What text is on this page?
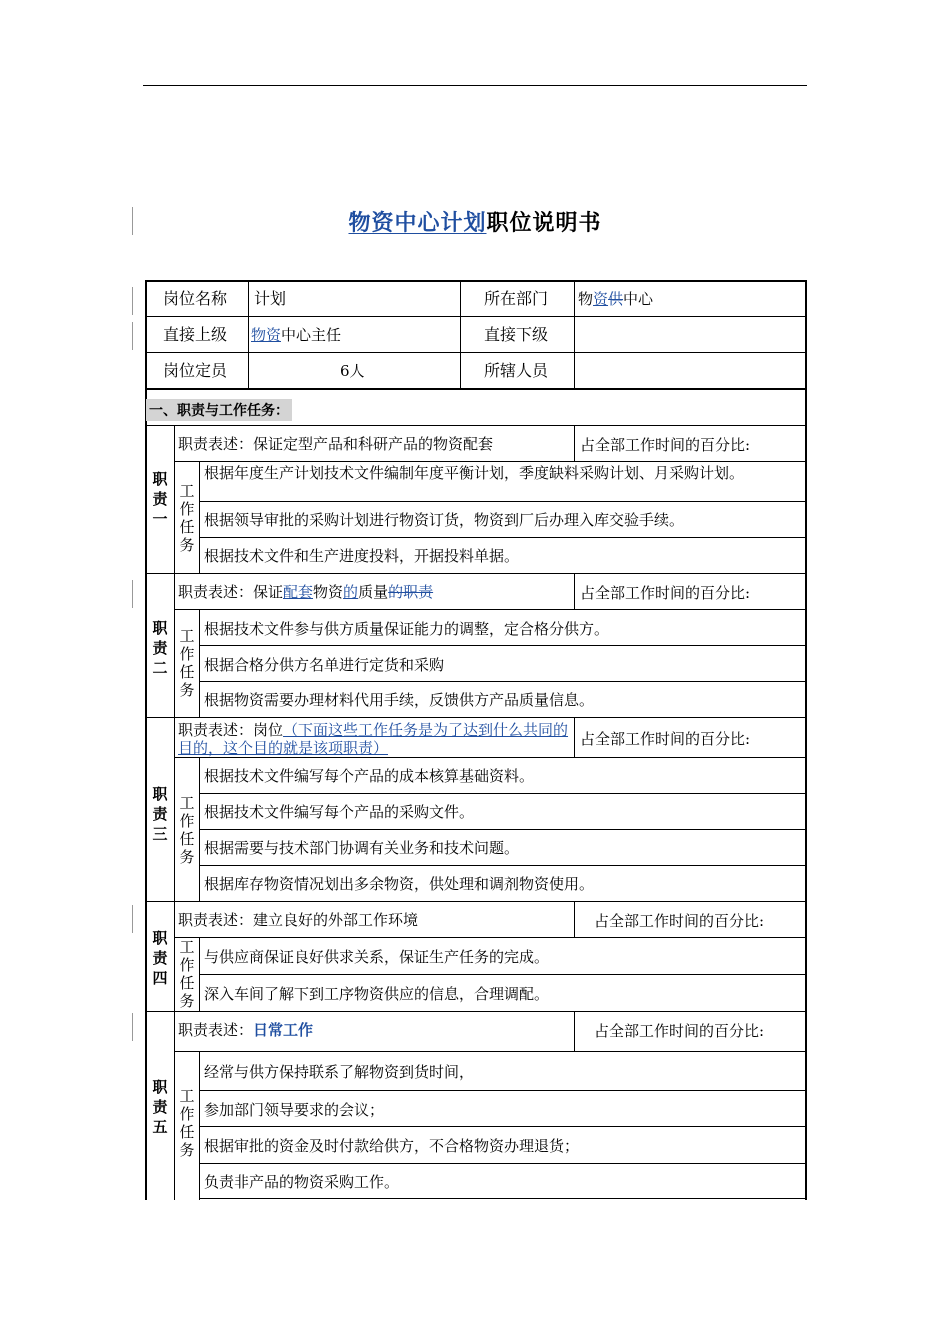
物资中心计划职位说明书
岗位名称 计划	所在部门 物资供中心
直接上级 物资中心主任	直接下级
岗位定员	6人	所辖人员
一、职责与工作任务：
职责一
职责表述：保证定型产品和科研产品的物资配套	占全部工作时间的百分比:
工作任务
根据年度生产计划技术文件编制年度平衡计划，季度缺料采购计划、月采购计划。
根据领导审批的采购计划进行物资订货，物资到厂后办理入库交验手续。
根据技术文件和生产进度投料，开据投料单据。
职责二
职责表述：保证配套物资的质量的职责	占全部工作时间的百分比:
工作任务
根据技术文件参与供方质量保证能力的调整，定合格分供方。
根据合格分供方名单进行定货和采购
根据物资需要办理材料代用手续，反馈供方产品质量信息。
职责三
职责表述：岗位（下面这些工作任务是为了达到什么共同的目的，这个目的就是该项职责）	占全部工作时间的百分比:
工作任务
根据技术文件编写每个产品的成本核算基础资料。
根据技术文件编写每个产品的采购文件。
根据需要与技术部门协调有关业务和技术问题。
根据库存物资情况划出多余物资，供处理和调剂物资使用。
职责四
职责表述：建立良好的外部工作环境	占全部工作时间的百分比:
工作任务
与供应商保证良好供求关系，保证生产任务的完成。
深入车间了解下到工序物资供应的信息，合理调配。
职责五
职责表述：日常工作	占全部工作时间的百分比:
工作任务
经常与供方保持联系了解物资到货时间，
参加部门领导要求的会议；
根据审批的资金及时付款给供方，不合格物资办理退货；
负责非产品的物资采购工作。
